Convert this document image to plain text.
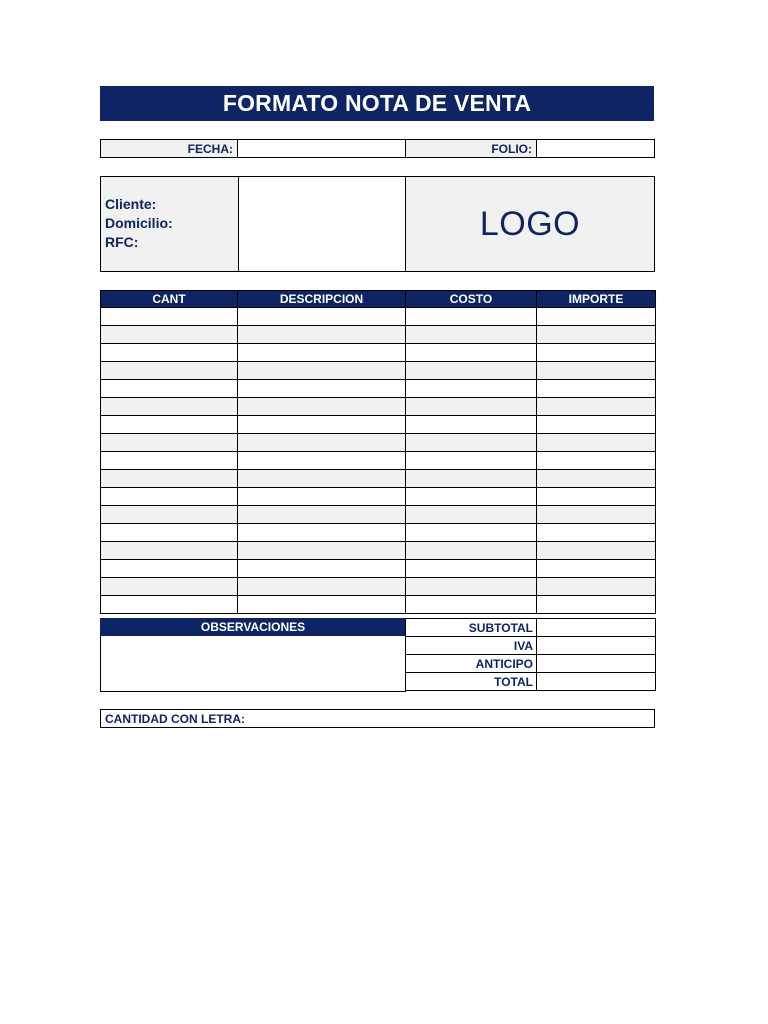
FORMATO NOTA DE VENTA
FECHA:	FOLIO:
Cliente:
Domicilio:
RFC:	LOGO
CANT	DESCRIPCION	COSTO	IMPORTE

OBSERVACIONES	SUBTOTAL	
IVA	
ANTICIPO	
TOTAL	
CANTIDAD CON LETRA:
